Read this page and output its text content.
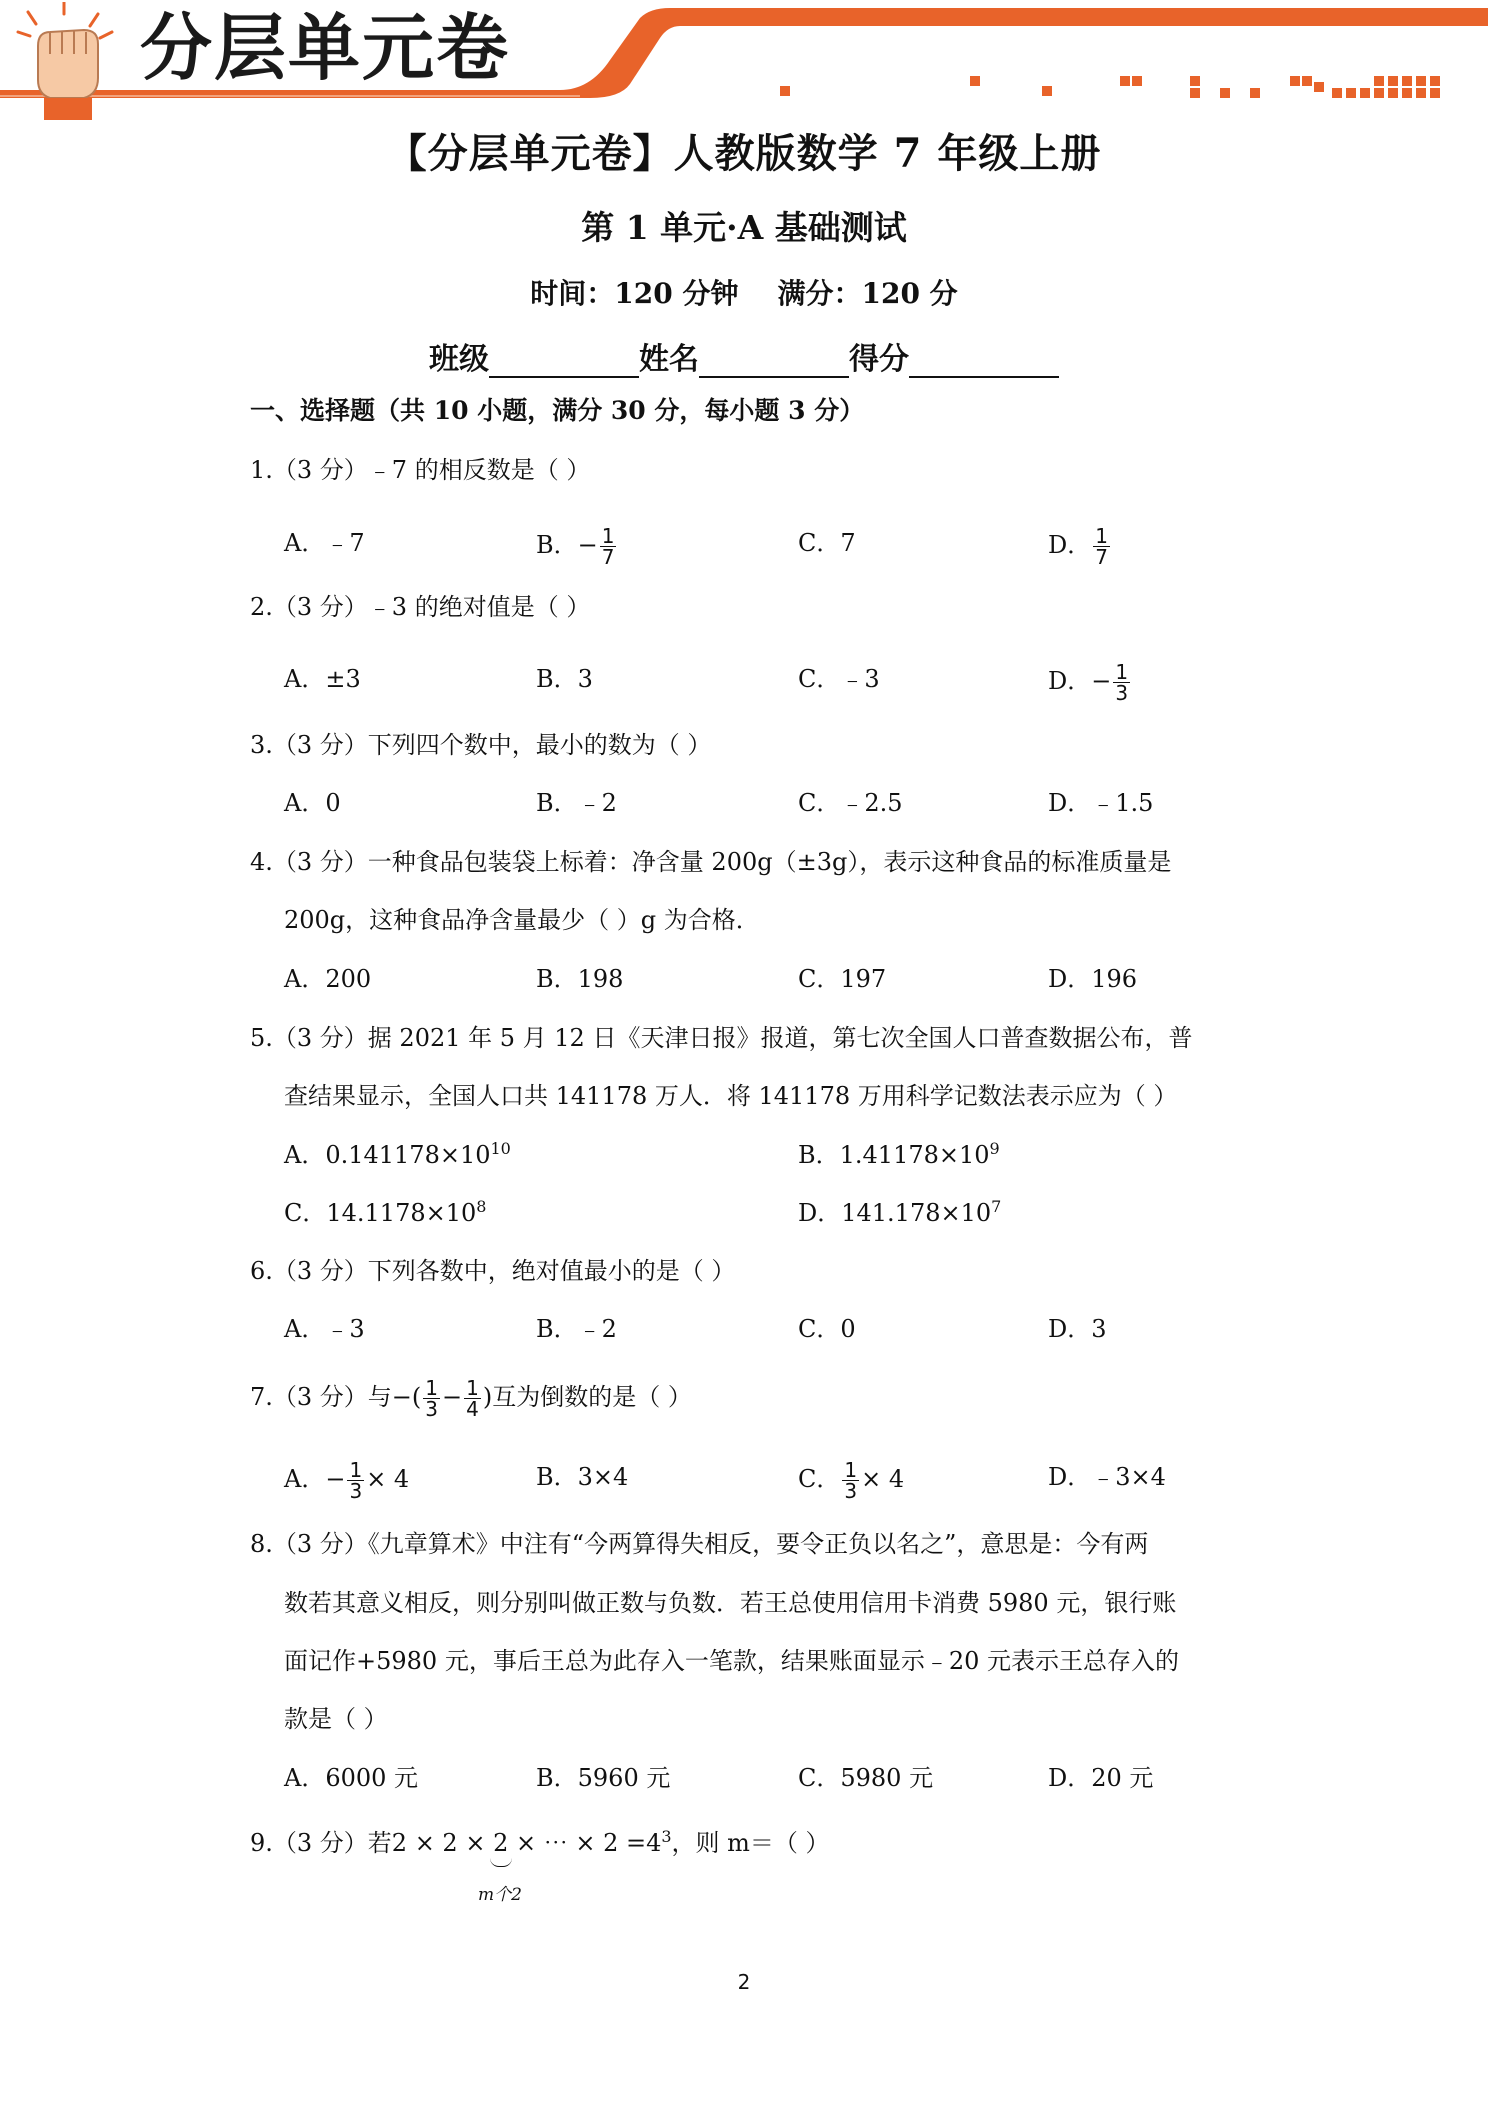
分层单元卷	名师伴学    分层好题    精准提升
【分层单元卷】人教版数学 7 年级上册
第 1 单元·A 基础测试
时间：120 分钟    满分：120 分
班级	姓名	得分
一、选择题（共 10 小题，满分 30 分，每小题 3 分）
1.（3 分）﹣7 的相反数是（ ）
A．﹣7	B．− $\frac{1}{7}$	C．7	D． $\frac{1}{7}$
2.（3 分）﹣3 的绝对值是（ ）
A．±3	B．3	C．﹣3	D．− $\frac{1}{3}$
3.（3 分）下列四个数中，最小的数为（ ）
A．0	B．﹣2	C．﹣2.5	D．﹣1.5
4.（3 分）一种食品包装袋上标着：净含量 200g（±3g），表示这种食品的标准质量是
200g，这种食品净含量最少（ ）g 为合格．
A．200	B．198	C．197	D．196
5.（3 分）据 2021 年 5 月 12 日《天津日报》报道，第七次全国人口普查数据公布，普
查结果显示，全国人口共 141178 万人．将 141178 万用科学记数法表示应为（ ）
A．$0.141178\times 10^{10}$	B．$1.41178\times 10^9$
C．$14.1178\times 10^8$	D．$141.178\times 10^7$
6.（3 分）下列各数中，绝对值最小的是（ ）
A．﹣3	B．﹣2	C．0	D．3
7.（3 分）与−( $\frac{1}{3} - \frac{1}{4}$ )互为倒数的是（ ）
A．− $\frac{1}{3} \times 4$	B．3×4	C． $\frac{1}{3} \times 4$	D．﹣3×4
8.（3 分）《九章算术》中注有“今两算得失相反，要令正负以名之”，意思是：今有两
数若其意义相反，则分别叫做正数与负数．若王总使用信用卡消费 5980 元，银行账
面记作+5980 元，事后王总为此存入一笔款，结果账面显示﹣20 元表示王总存入的
款是（ ）
A．6000 元	B．5960 元	C．5980 元	D．20 元
9.（3 分）若2 × 2 × 2 × ⋯ × $2 =4^3$，则 m＝（ ）
m个2
2
